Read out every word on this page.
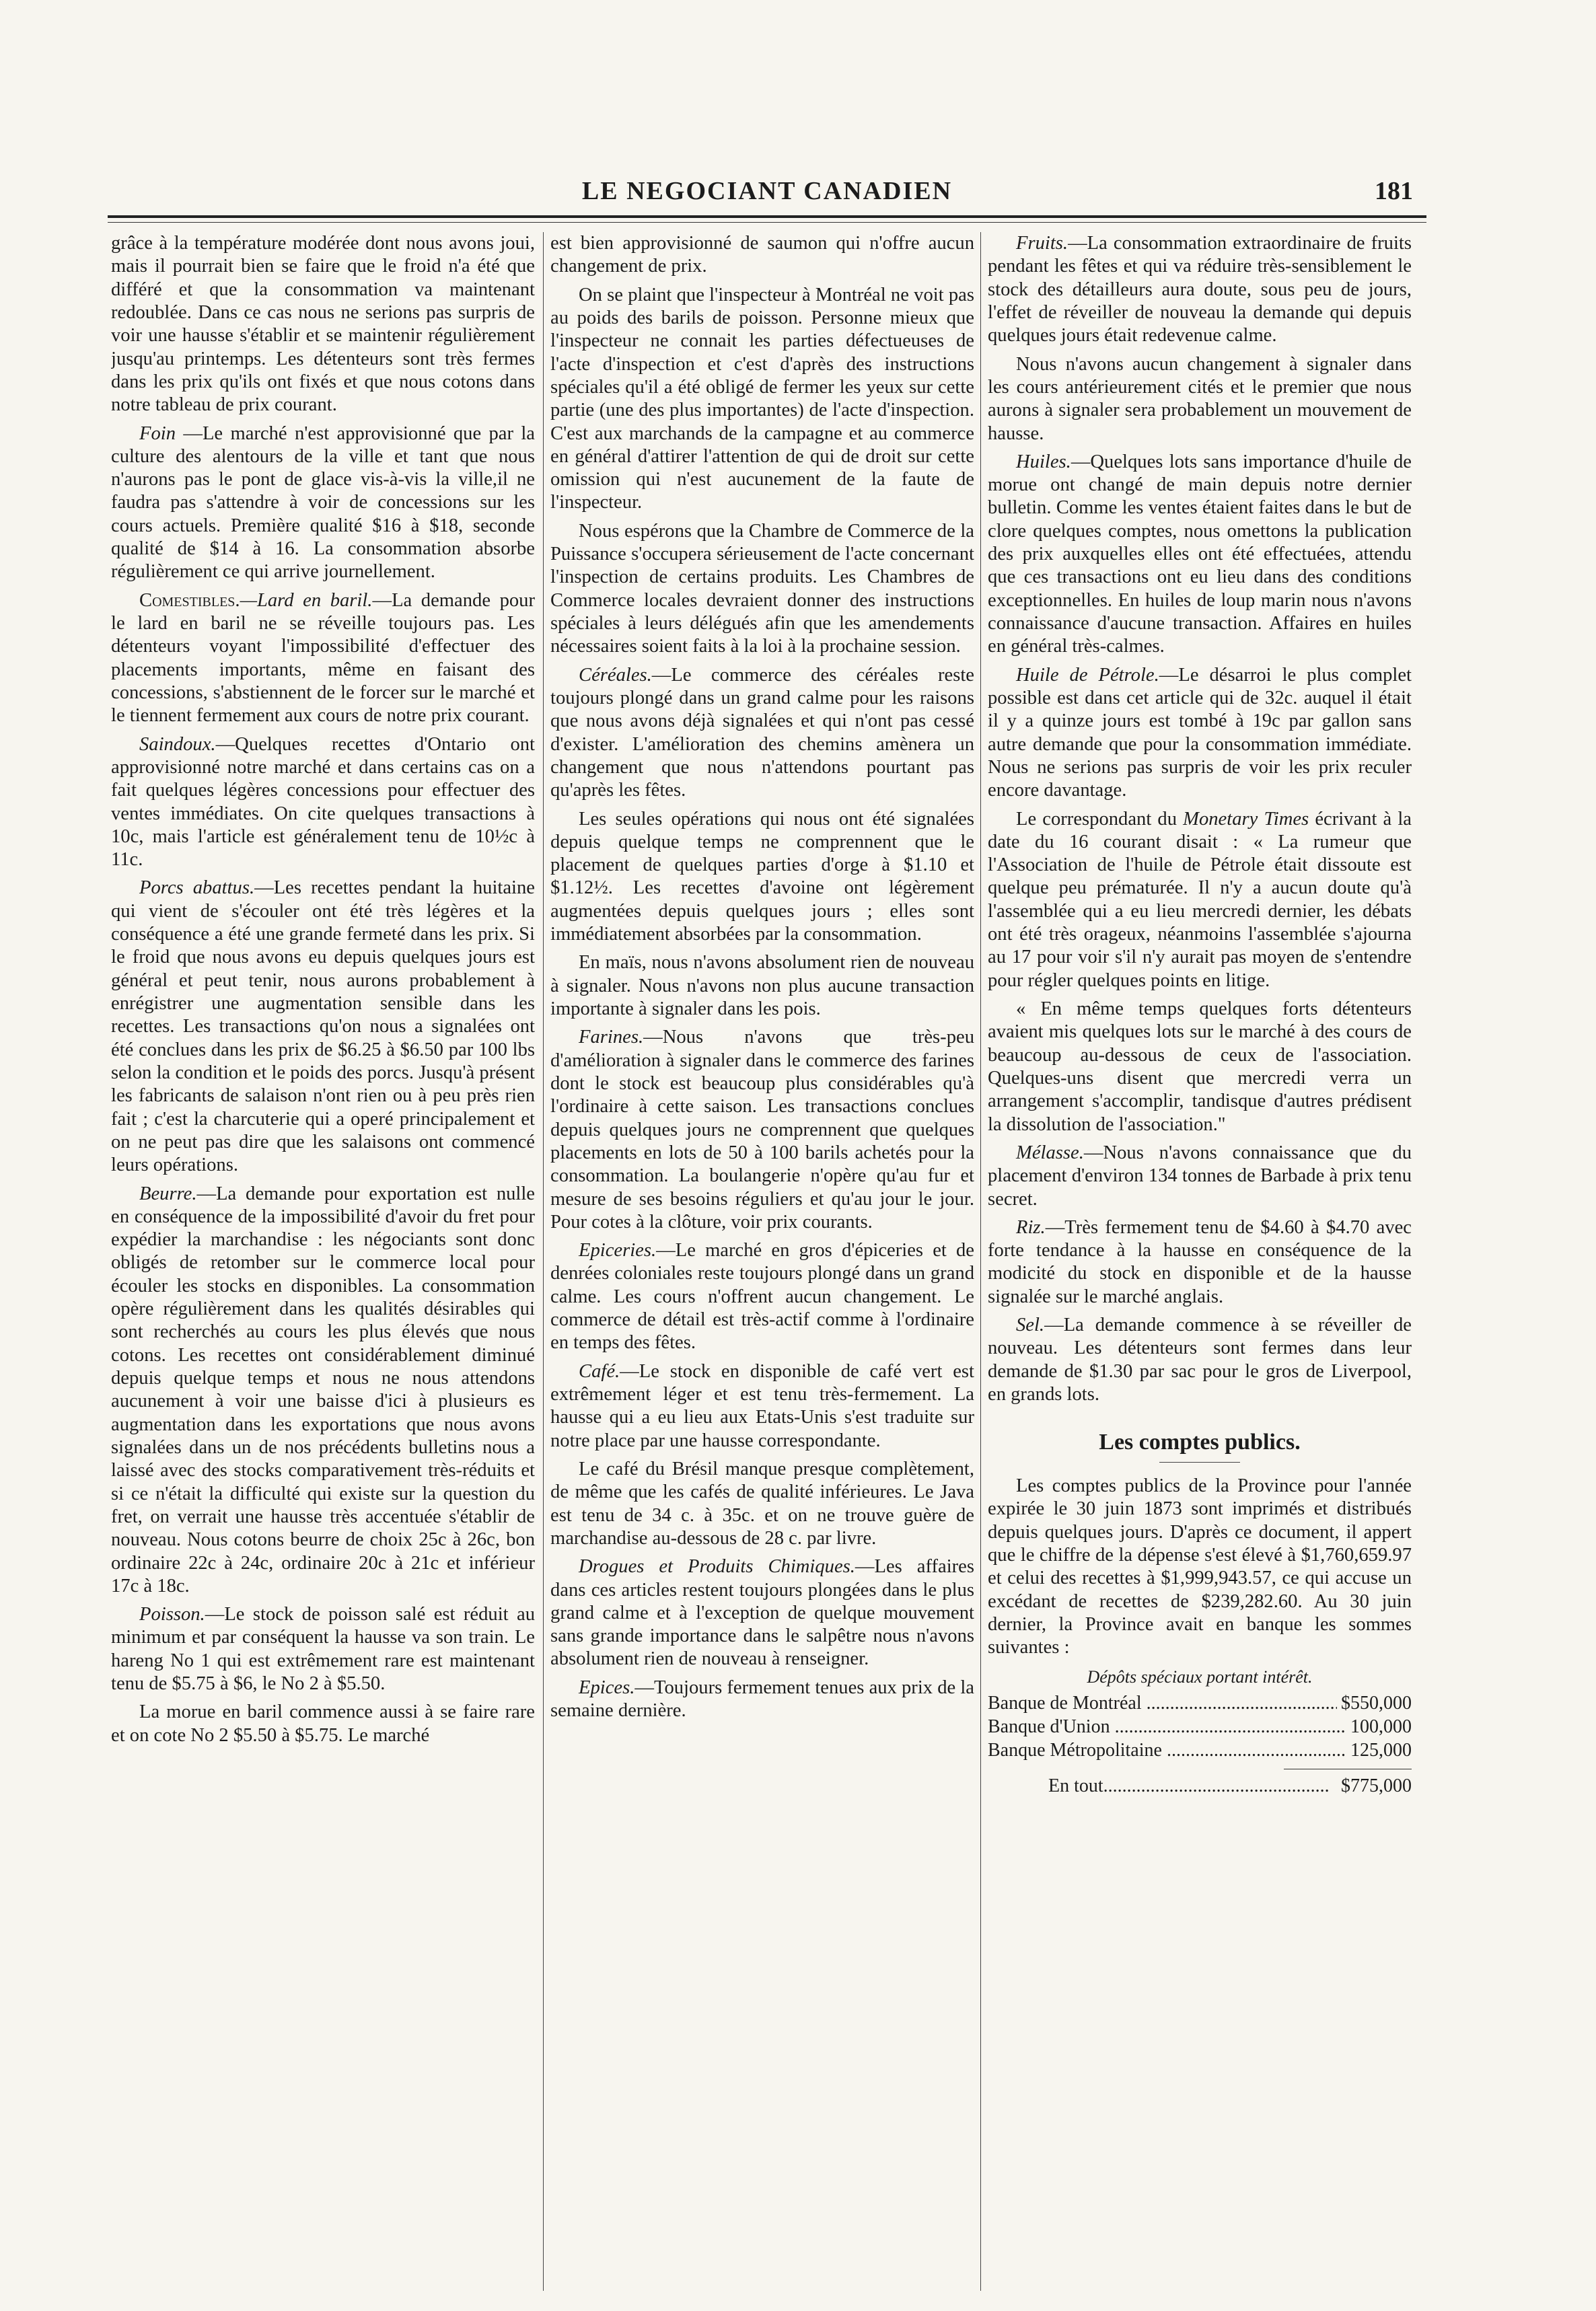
LE NEGOCIANT CANADIEN	181

grâce à la température modérée dont nous avons joui, mais il pourrait bien se faire que le froid n'a été que différé et que la consommation va maintenant redoublée. Dans ce cas nous ne serions pas surpris de voir une hausse s'établir et se maintenir régulièrement jusqu'au printemps. Les détenteurs sont très fermes dans les prix qu'ils ont fixés et que nous cotons dans notre tableau de prix courant.

Foin —Le marché n'est approvisionné que par la culture des alentours de la ville et tant que nous n'aurons pas le pont de glace vis-à-vis la ville,il ne faudra pas s'attendre à voir de concessions sur les cours actuels. Première qualité $16 à $18, seconde qualité de $14 à 16. La consommation absorbe régulièrement ce qui arrive journellement.

Comestibles.—Lard en baril.—La demande pour le lard en baril ne se réveille toujours pas. Les détenteurs voyant l'impossibilité d'effectuer des placements importants, même en faisant des concessions, s'abstiennent de le forcer sur le marché et le tiennent fermement aux cours de notre prix courant.

Saindoux.—Quelques recettes d'Ontario ont approvisionné notre marché et dans certains cas on a fait quelques légères concessions pour effectuer des ventes immédiates. On cite quelques transactions à 10c, mais l'article est généralement tenu de 10½c à 11c.

Porcs abattus.—Les recettes pendant la huitaine qui vient de s'écouler ont été très légères et la conséquence a été une grande fermeté dans les prix. Si le froid que nous avons eu depuis quelques jours est général et peut tenir, nous aurons probablement à enrégistrer une augmentation sensible dans les recettes. Les transactions qu'on nous a signalées ont été conclues dans les prix de $6.25 à $6.50 par 100 lbs selon la condition et le poids des porcs. Jusqu'à présent les fabricants de salaison n'ont rien ou à peu près rien fait ; c'est la charcuterie qui a operé principalement et on ne peut pas dire que les salaisons ont commencé leurs opérations.

Beurre.—La demande pour exportation est nulle en conséquence de la impossibilité d'avoir du fret pour expédier la marchandise : les négociants sont donc obligés de retomber sur le commerce local pour écouler les stocks en disponibles. La consommation opère régulièrement dans les qualités désirables qui sont recherchés au cours les plus élevés que nous cotons. Les recettes ont considérablement diminué depuis quelque temps et nous ne nous attendons aucunement à voir une baisse d'ici à plusieurs es augmentation dans les exportations que nous avons signalées dans un de nos précédents bulletins nous a laissé avec des stocks comparativement très-réduits et si ce n'était la difficulté qui existe sur la question du fret, on verrait une hausse très accentuée s'établir de nouveau. Nous cotons beurre de choix 25c à 26c, bon ordinaire 22c à 24c, ordinaire 20c à 21c et inférieur 17c à 18c.

Poisson.—Le stock de poisson salé est réduit au minimum et par conséquent la hausse va son train. Le hareng No 1 qui est extrêmement rare est maintenant tenu de $5.75 à $6, le No 2 à $5.50.

La morue en baril commence aussi à se faire rare et on cote No 2 $5.50 à $5.75. Le marché

est bien approvisionné de saumon qui n'offre aucun changement de prix.

On se plaint que l'inspecteur à Montréal ne voit pas au poids des barils de poisson. Personne mieux que l'inspecteur ne connait les parties défectueuses de l'acte d'inspection et c'est d'après des instructions spéciales qu'il a été obligé de fermer les yeux sur cette partie (une des plus importantes) de l'acte d'inspection. C'est aux marchands de la campagne et au commerce en général d'attirer l'attention de qui de droit sur cette omission qui n'est aucunement de la faute de l'inspecteur.

Nous espérons que la Chambre de Commerce de la Puissance s'occupera sérieusement de l'acte concernant l'inspection de certains produits. Les Chambres de Commerce locales devraient donner des instructions spéciales à leurs délégués afin que les amendements nécessaires soient faits à la loi à la prochaine session.

Céréales.—Le commerce des céréales reste toujours plongé dans un grand calme pour les raisons que nous avons déjà signalées et qui n'ont pas cessé d'exister. L'amélioration des chemins amènera un changement que nous n'attendons pourtant pas qu'après les fêtes.

Les seules opérations qui nous ont été signalées depuis quelque temps ne comprennent que le placement de quelques parties d'orge à $1.10 et $1.12½. Les recettes d'avoine ont légèrement augmentées depuis quelques jours ; elles sont immédiatement absorbées par la consommation.

En maïs, nous n'avons absolument rien de nouveau à signaler. Nous n'avons non plus aucune transaction importante à signaler dans les pois.

Farines.—Nous n'avons que très-peu d'amélioration à signaler dans le commerce des farines dont le stock est beaucoup plus considérables qu'à l'ordinaire à cette saison. Les transactions conclues depuis quelques jours ne comprennent que quelques placements en lots de 50 à 100 barils achetés pour la consommation. La boulangerie n'opère qu'au fur et mesure de ses besoins réguliers et qu'au jour le jour. Pour cotes à la clôture, voir prix courants.

Epiceries.—Le marché en gros d'épiceries et de denrées coloniales reste toujours plongé dans un grand calme. Les cours n'offrent aucun changement. Le commerce de détail est très-actif comme à l'ordinaire en temps des fêtes.

Café.—Le stock en disponible de café vert est extrêmement léger et est tenu très-fermement. La hausse qui a eu lieu aux Etats-Unis s'est traduite sur notre place par une hausse correspondante.

Le café du Brésil manque presque complètement, de même que les cafés de qualité inférieures. Le Java est tenu de 34 c. à 35c. et on ne trouve guère de marchandise au-dessous de 28 c. par livre.

Drogues et Produits Chimiques.—Les affaires dans ces articles restent toujours plongées dans le plus grand calme et à l'exception de quelque mouvement sans grande importance dans le salpêtre nous n'avons absolument rien de nouveau à renseigner.

Epices.—Toujours fermement tenues aux prix de la semaine dernière.

Fruits.—La consommation extraordinaire de fruits pendant les fêtes et qui va réduire très-sensiblement le stock des détailleurs aura doute, sous peu de jours, l'effet de réveiller de nouveau la demande qui depuis quelques jours était redevenue calme.

Nous n'avons aucun changement à signaler dans les cours antérieurement cités et le premier que nous aurons à signaler sera probablement un mouvement de hausse.

Huiles.—Quelques lots sans importance d'huile de morue ont changé de main depuis notre dernier bulletin. Comme les ventes étaient faites dans le but de clore quelques comptes, nous omettons la publication des prix auxquelles elles ont été effectuées, attendu que ces transactions ont eu lieu dans des conditions exceptionnelles. En huiles de loup marin nous n'avons connaissance d'aucune transaction. Affaires en huiles en général très-calmes.

Huile de Pétrole.—Le désarroi le plus complet possible est dans cet article qui de 32c. auquel il était il y a quinze jours est tombé à 19c par gallon sans autre demande que pour la consommation immédiate. Nous ne serions pas surpris de voir les prix reculer encore davantage.

Le correspondant du Monetary Times écrivant à la date du 16 courant disait : « La rumeur que l'Association de l'huile de Pétrole était dissoute est quelque peu prématurée. Il n'y a aucun doute qu'à l'assemblée qui a eu lieu mercredi dernier, les débats ont été très orageux, néanmoins l'assemblée s'ajourna au 17 pour voir s'il n'y aurait pas moyen de s'entendre pour régler quelques points en litige.

« En même temps quelques forts détenteurs avaient mis quelques lots sur le marché à des cours de beaucoup au-dessous de ceux de l'association. Quelques-uns disent que mercredi verra un arrangement s'accomplir, tandisque d'autres prédisent la dissolution de l'association."

Mélasse.—Nous n'avons connaissance que du placement d'environ 134 tonnes de Barbade à prix tenu secret.

Riz.—Très fermement tenu de $4.60 à $4.70 avec forte tendance à la hausse en conséquence de la modicité du stock en disponible et de la hausse signalée sur le marché anglais.

Sel.—La demande commence à se réveiller de nouveau. Les détenteurs sont fermes dans leur demande de $1.30 par sac pour le gros de Liverpool, en grands lots.

Les comptes publics.

Les comptes publics de la Province pour l'année expirée le 30 juin 1873 sont imprimés et distribués depuis quelques jours. D'après ce document, il appert que le chiffre de la dépense s'est élevé à $1,760,659.97 et celui des recettes à $1,999,943.57, ce qui accuse un excédant de recettes de $239,282.60. Au 30 juin dernier, la Province avait en banque les sommes suivantes :

Dépôts spéciaux portant intérêt.
Banque de Montréal .....	$550,000
Banque d'Union .....	100,000
Banque Métropolitaine .....	125,000
En tout .....	$775,000
